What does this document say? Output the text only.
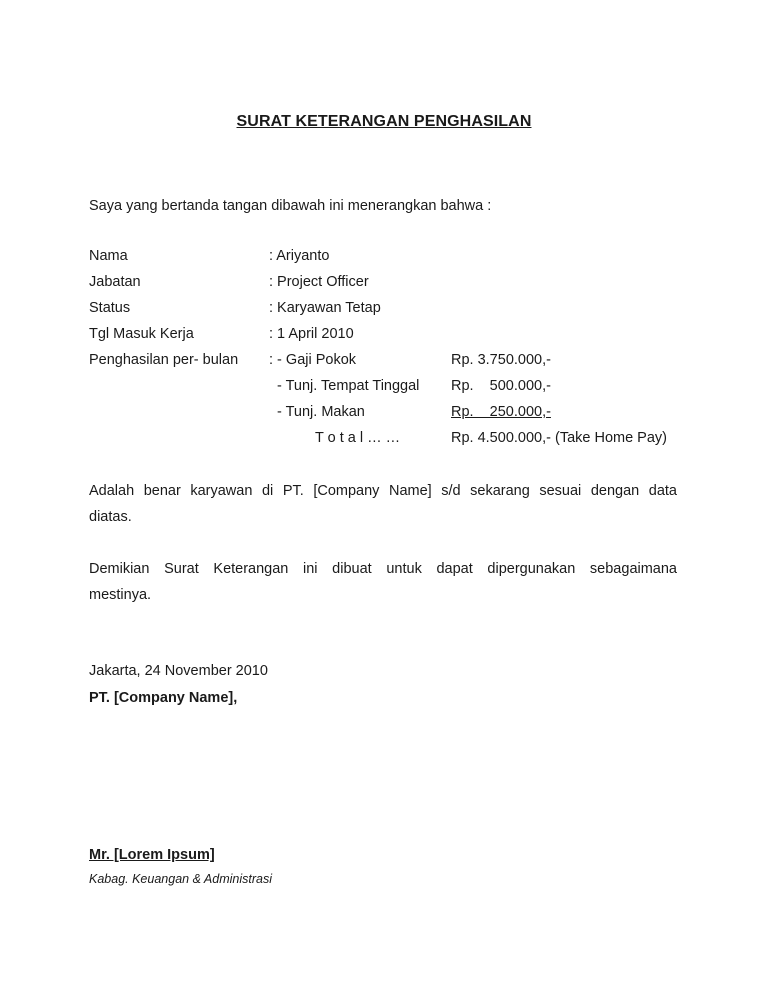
SURAT KETERANGAN PENGHASILAN
Saya yang bertanda tangan dibawah ini menerangkan bahwa :
Nama	: Ariyanto
Jabatan	: Project Officer
Status	: Karyawan Tetap
Tgl Masuk Kerja	: 1 April 2010
Penghasilan per- bulan : - Gaji Pokok	Rp. 3.750.000,-
- Tunj. Tempat Tinggal Rp.    500.000,-
- Tunj. Makan	Rp.    250.000,-
T o t a l … …	Rp. 4.500.000,- (Take Home Pay)
Adalah benar karyawan di PT. [Company Name] s/d sekarang sesuai dengan data
diatas.
Demikian Surat Keterangan ini dibuat untuk dapat dipergunakan sebagaimana
mestinya.
Jakarta, 24 November 2010
PT. [Company Name],
Mr. [Lorem Ipsum]
Kabag. Keuangan & Administrasi
